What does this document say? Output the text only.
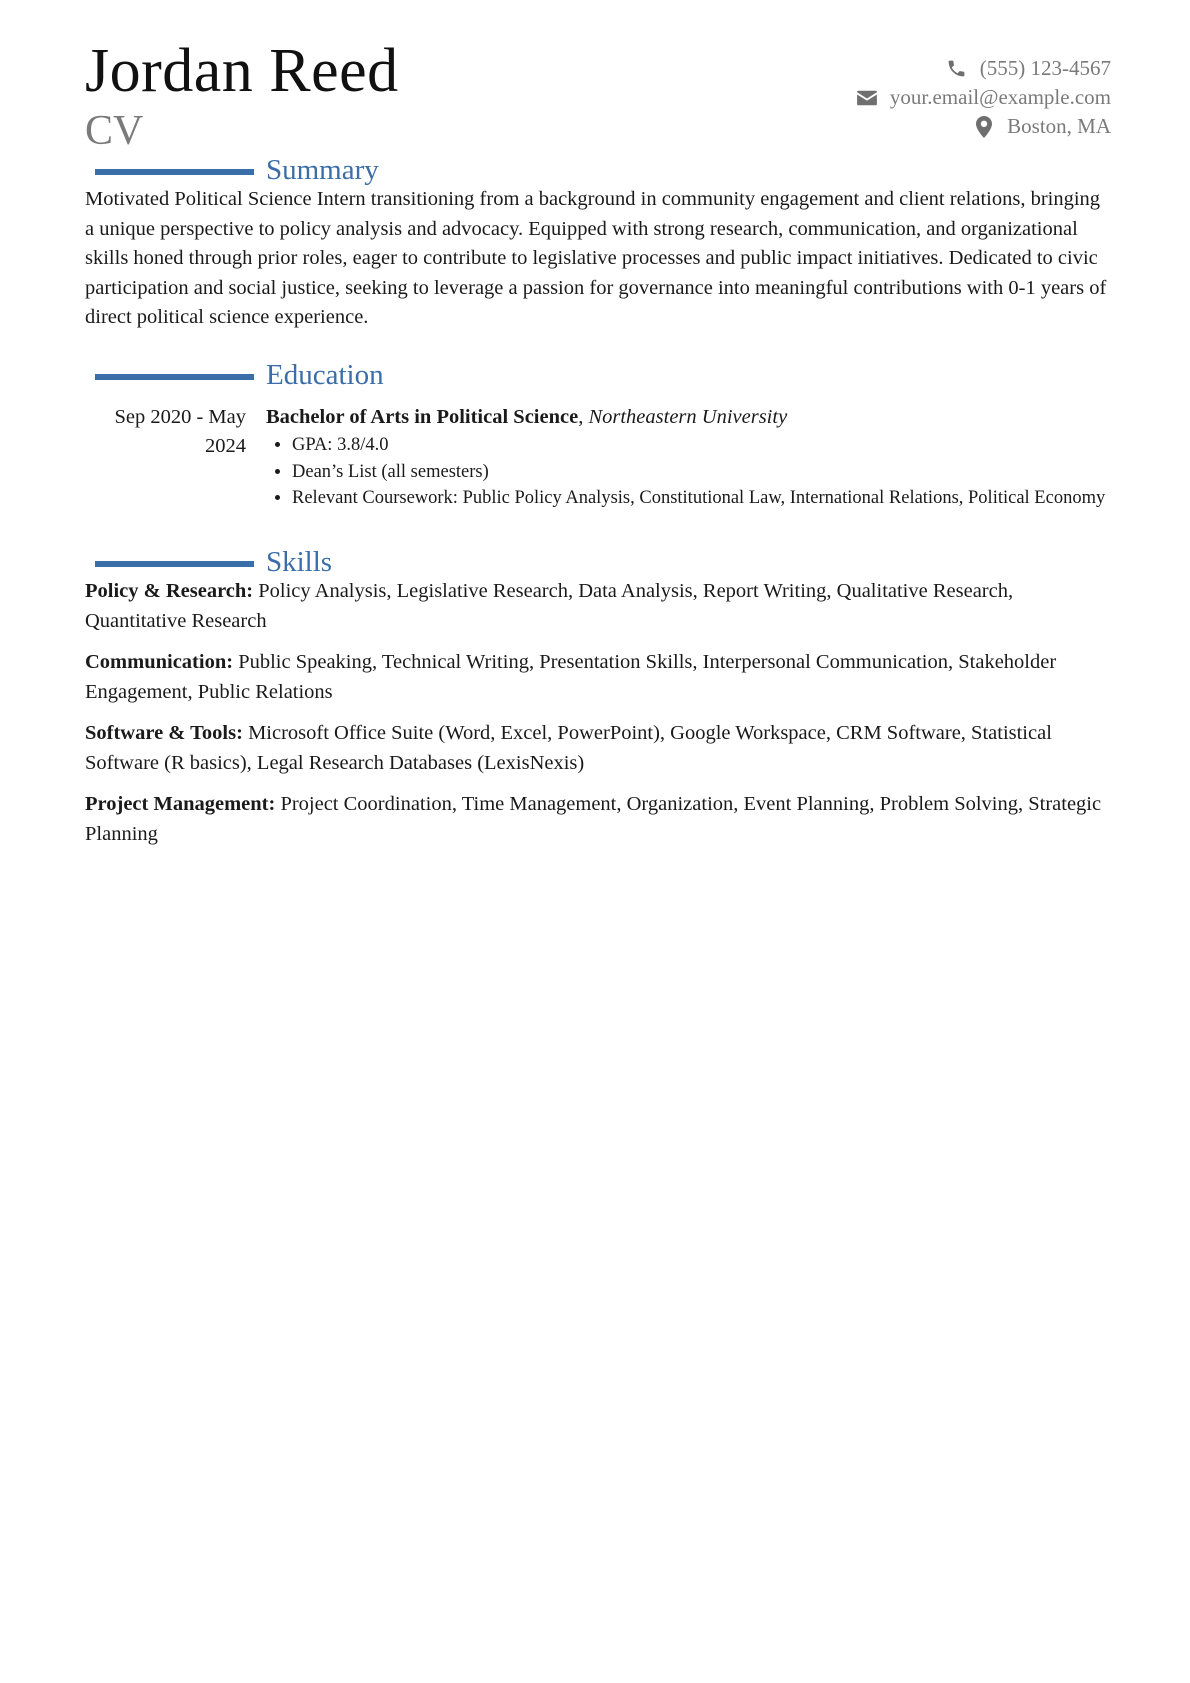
Jordan Reed
CV
(555) 123-4567
your.email@example.com
Boston, MA
Summary

Motivated Political Science Intern transitioning from a background in community engagement and client relations, bringing a unique perspective to policy analysis and advocacy. Equipped with strong research, communication, and organizational skills honed through prior roles, eager to contribute to legislative processes and public impact initiatives. Dedicated to civic participation and social justice, seeking to leverage a passion for governance into meaningful contributions with 0-1 years of direct political science experience.

Education
Sep 2020 - May 2024
Bachelor of Arts in Political Science, Northeastern University
• GPA: 3.8/4.0
• Dean’s List (all semesters)
• Relevant Coursework: Public Policy Analysis, Constitutional Law, International Relations, Political Economy
Skills

Policy & Research: Policy Analysis, Legislative Research, Data Analysis, Report Writing, Qualitative Research, Quantitative Research

Communication: Public Speaking, Technical Writing, Presentation Skills, Interpersonal Communication, Stakeholder Engagement, Public Relations

Software & Tools: Microsoft Office Suite (Word, Excel, PowerPoint), Google Workspace, CRM Software, Statistical Software (R basics), Legal Research Databases (LexisNexis)

Project Management: Project Coordination, Time Management, Organization, Event Planning, Problem Solving, Strategic Planning
